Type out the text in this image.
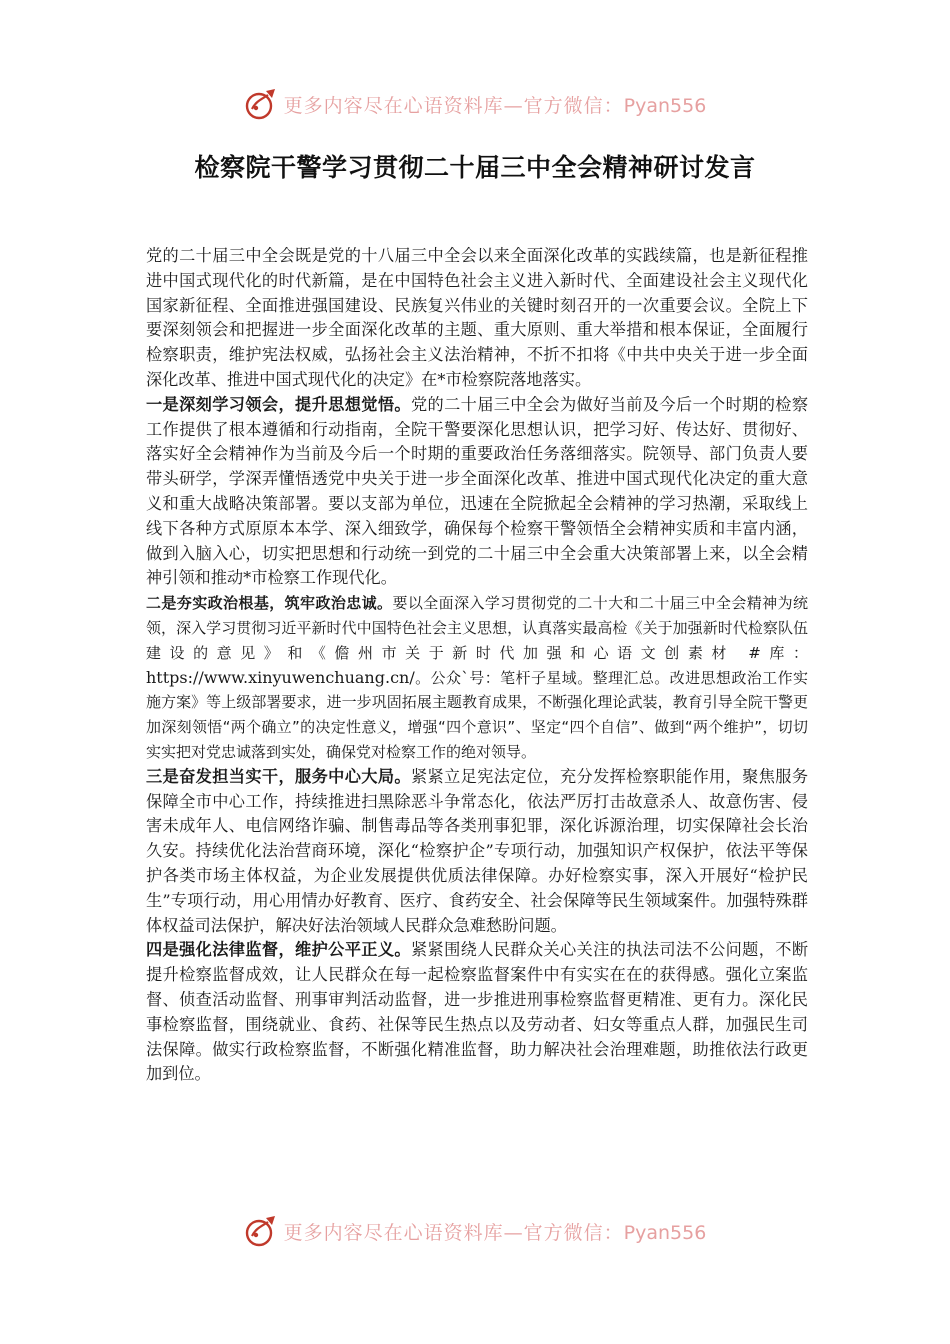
更多内容尽在心语资料库—官方微信：Pyan556
检察院干警学习贯彻二十届三中全会精神研讨发言

党的二十届三中全会既是党的十八届三中全会以来全面深化改革的实践续篇，也是新征程推进中国式现代化的时代新篇，是在中国特色社会主义进入新时代、全面建设社会主义现代化国家新征程、全面推进强国建设、民族复兴伟业的关键时刻召开的一次重要会议。全院上下要深刻领会和把握进一步全面深化改革的主题、重大原则、重大举措和根本保证，全面履行检察职责，维护宪法权威，弘扬社会主义法治精神，不折不扣将《中共中央关于进一步全面深化改革、推进中国式现代化的决定》在*市检察院落地落实。

一是深刻学习领会，提升思想觉悟。党的二十届三中全会为做好当前及今后一个时期的检察工作提供了根本遵循和行动指南，全院干警要深化思想认识，把学习好、传达好、贯彻好、落实好全会精神作为当前及今后一个时期的重要政治任务落细落实。院领导、部门负责人要带头研学，学深弄懂悟透党中央关于进一步全面深化改革、推进中国式现代化决定的重大意义和重大战略决策部署。要以支部为单位，迅速在全院掀起全会精神的学习热潮，采取线上线下各种方式原原本本学、深入细致学，确保每个检察干警领悟全会精神实质和丰富内涵，做到入脑入心，切实把思想和行动统一到党的二十届三中全会重大决策部署上来，以全会精神引领和推动*市检察工作现代化。

二是夯实政治根基，筑牢政治忠诚。要以全面深入学习贯彻党的二十大和二十届三中全会精神为统领，深入学习贯彻习近平新时代中国特色社会主义思想，认真落实最高检《关于加强新时代检察队伍建设的意见》和《儋州市关于新时代加强和心语文创素材 #库：https://www.xinyuwenchuang.cn/。公众`号：笔杆子星域。整理汇总。改进思想政治工作实施方案》等上级部署要求，进一步巩固拓展主题教育成果，不断强化理论武装，教育引导全院干警更加深刻领悟“两个确立”的决定性意义，增强“四个意识”、坚定“四个自信”、做到“两个维护”，切切实实把对党忠诚落到实处，确保党对检察工作的绝对领导。

三是奋发担当实干，服务中心大局。紧紧立足宪法定位，充分发挥检察职能作用，聚焦服务保障全市中心工作，持续推进扫黑除恶斗争常态化，依法严厉打击故意杀人、故意伤害、侵害未成年人、电信网络诈骗、制售毒品等各类刑事犯罪，深化诉源治理，切实保障社会长治久安。持续优化法治营商环境，深化“检察护企”专项行动，加强知识产权保护，依法平等保护各类市场主体权益，为企业发展提供优质法律保障。办好检察实事，深入开展好“检护民生”专项行动，用心用情办好教育、医疗、食药安全、社会保障等民生领域案件。加强特殊群体权益司法保护，解决好法治领域人民群众急难愁盼问题。

四是强化法律监督，维护公平正义。紧紧围绕人民群众关心关注的执法司法不公问题，不断提升检察监督成效，让人民群众在每一起检察监督案件中有实实在在的获得感。强化立案监督、侦查活动监督、刑事审判活动监督，进一步推进刑事检察监督更精准、更有力。深化民事检察监督，围绕就业、食药、社保等民生热点以及劳动者、妇女等重点人群，加强民生司法保障。做实行政检察监督，不断强化精准监督，助力解决社会治理难题，助推依法行政更加到位。

更多内容尽在心语资料库—官方微信：Pyan556
